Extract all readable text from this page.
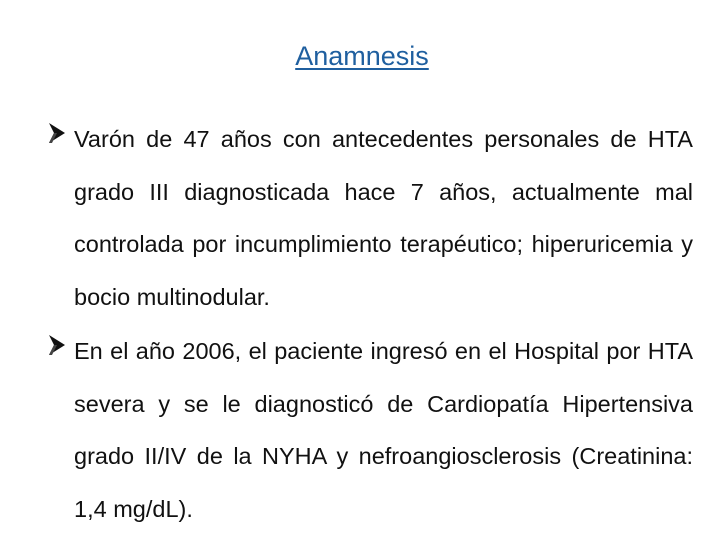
Anamnesis
Varón de 47 años con antecedentes personales de HTA grado III diagnosticada hace 7 años, actualmente mal controlada por incumplimiento terapéutico; hiperuricemia y bocio multinodular.
En el año 2006, el paciente ingresó en el Hospital por HTA severa y se le diagnosticó de Cardiopatía Hipertensiva grado II/IV de la NYHA y nefroangiosclerosis (Creatinina: 1,4 mg/dL).
